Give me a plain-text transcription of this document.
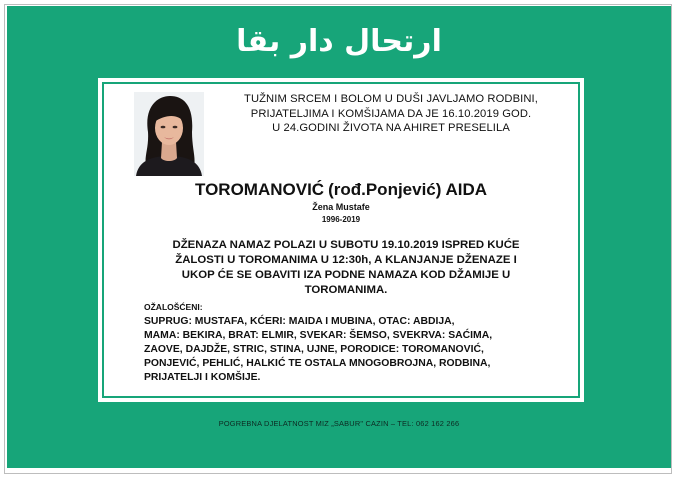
ارتحال دار بقا
TUŽNIM SRCEM I BOLOM U DUŠI JAVLJAMO RODBINI,
PRIJATELJIMA I KOMŠIJAMA DA JE 16.10.2019 GOD.
U 24.GODINI ŽIVOTA NA AHIRET PRESELILA
TOROMANOVIĆ (rođ.Ponjević) AIDA
Žena Mustafe
1996-2019
DŽENAZA NAMAZ POLAZI U SUBOTU 19.10.2019 ISPRED KUĆE
ŽALOSTI U TOROMANIMA U 12:30h, A KLANJANJE DŽENAZE I
UKOP ĆE SE OBAVITI IZA PODNE NAMAZA KOD DŽAMIJE U
TOROMANIMA.
OŽALOŠĆENI:
SUPRUG: MUSTAFA, KĆERI: MAIDA I MUBINA, OTAC: ABDIJA,
MAMA: BEKIRA, BRAT: ELMIR, SVEKAR: ŠEMSO, SVEKRVA: SAĆIMA,
ZAOVE, DAJDŽE, STRIC, STINA, UJNE, PORODICE: TOROMANOVIĆ,
PONJEVIĆ, PEHLIĆ, HALKIĆ TE OSTALA MNOGOBROJNA, RODBINA,
PRIJATELJI I KOMŠIJE.
POGREBNA DJELATNOST MIZ „SABUR" CAZIN – TEL: 062 162 266
